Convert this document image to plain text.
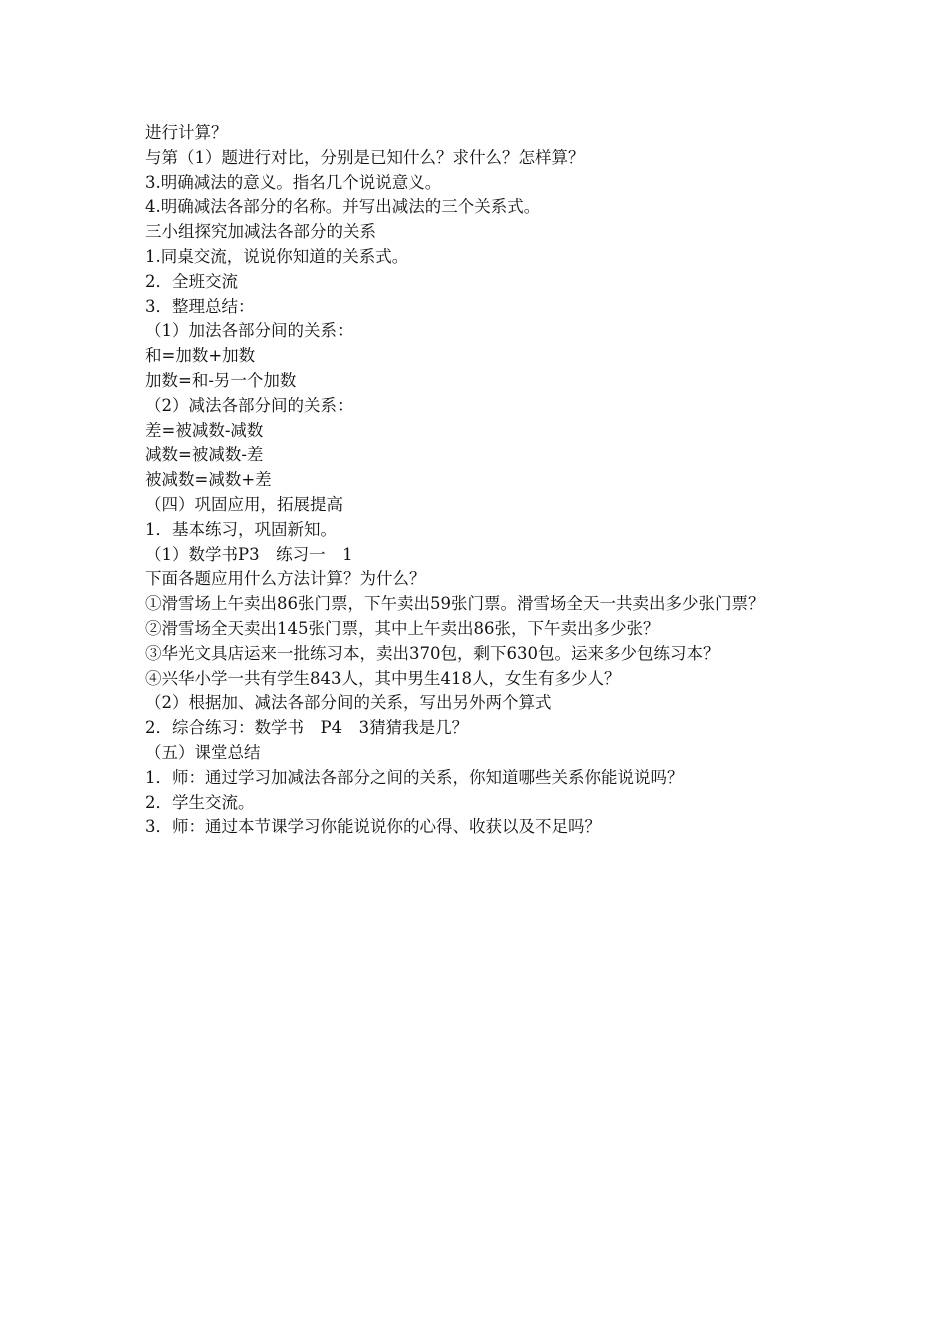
进行计算？

与第（1）题进行对比，分别是已知什么？求什么？怎样算？

3.明确减法的意义。指名几个说说意义。

4.明确减法各部分的名称。并写出减法的三个关系式。

三小组探究加减法各部分的关系

1.同桌交流，说说你知道的关系式。

2．全班交流

3．整理总结：

（1）加法各部分间的关系：

和=加数+加数

加数=和-另一个加数

（2）减法各部分间的关系：

差=被减数-减数

减数=被减数-差

被减数=减数+差

（四）巩固应用，拓展提高

1．基本练习，巩固新知。

（1）数学书P3　练习一　1

下面各题应用什么方法计算？为什么？

①滑雪场上午卖出86张门票，下午卖出59张门票。滑雪场全天一共卖出多少张门票？

②滑雪场全天卖出145张门票，其中上午卖出86张，下午卖出多少张？

③华光文具店运来一批练习本，卖出370包，剩下630包。运来多少包练习本？

④兴华小学一共有学生843人，其中男生418人，女生有多少人？

（2）根据加、减法各部分间的关系，写出另外两个算式

2．综合练习：数学书　P4　3猜猜我是几？

（五）课堂总结

1．师：通过学习加减法各部分之间的关系，你知道哪些关系你能说说吗？

2．学生交流。

3．师：通过本节课学习你能说说你的心得、收获以及不足吗？
